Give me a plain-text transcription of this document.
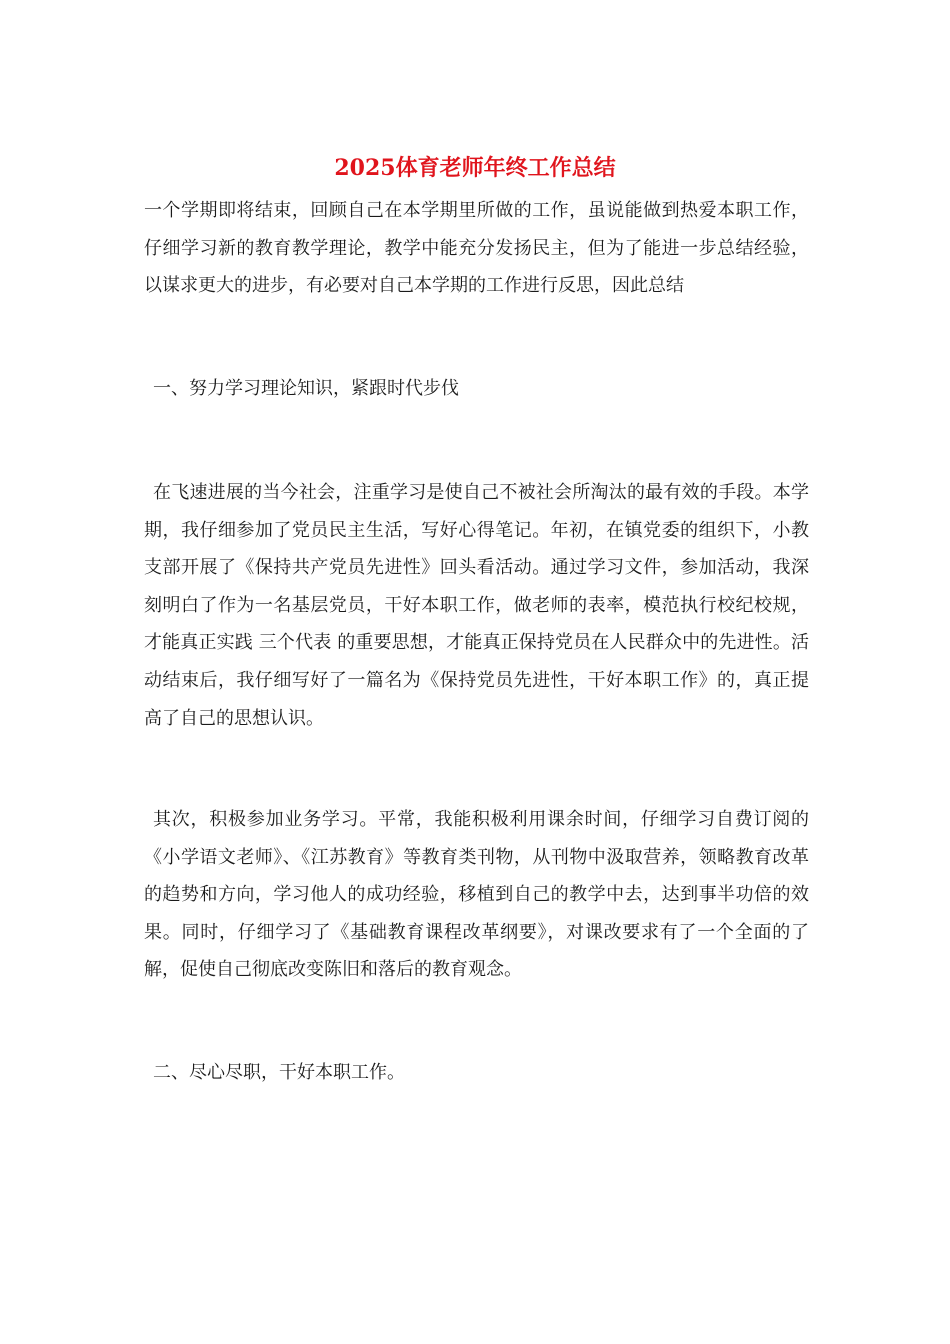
2025体育老师年终工作总结

一个学期即将结束，回顾自己在本学期里所做的工作，虽说能做到热爱本职工作，仔细学习新的教育教学理论，教学中能充分发扬民主，但为了能进一步总结经验，以谋求更大的进步，有必要对自己本学期的工作进行反思，因此总结

一、努力学习理论知识，紧跟时代步伐

在飞速进展的当今社会，注重学习是使自己不被社会所淘汰的最有效的手段。本学期，我仔细参加了党员民主生活，写好心得笔记。年初，在镇党委的组织下，小教支部开展了《保持共产党员先进性》回头看活动。通过学习文件，参加活动，我深刻明白了作为一名基层党员，干好本职工作，做老师的表率，模范执行校纪校规，才能真正实践 三个代表 的重要思想，才能真正保持党员在人民群众中的先进性。活动结束后，我仔细写好了一篇名为《保持党员先进性，干好本职工作》的，真正提高了自己的思想认识。

其次，积极参加业务学习。平常，我能积极利用课余时间，仔细学习自费订阅的《小学语文老师》、《江苏教育》等教育类刊物，从刊物中汲取营养，领略教育改革的趋势和方向，学习他人的成功经验，移植到自己的教学中去，达到事半功倍的效果。同时，仔细学习了《基础教育课程改革纲要》，对课改要求有了一个全面的了解，促使自己彻底改变陈旧和落后的教育观念。

二、尽心尽职，干好本职工作。
